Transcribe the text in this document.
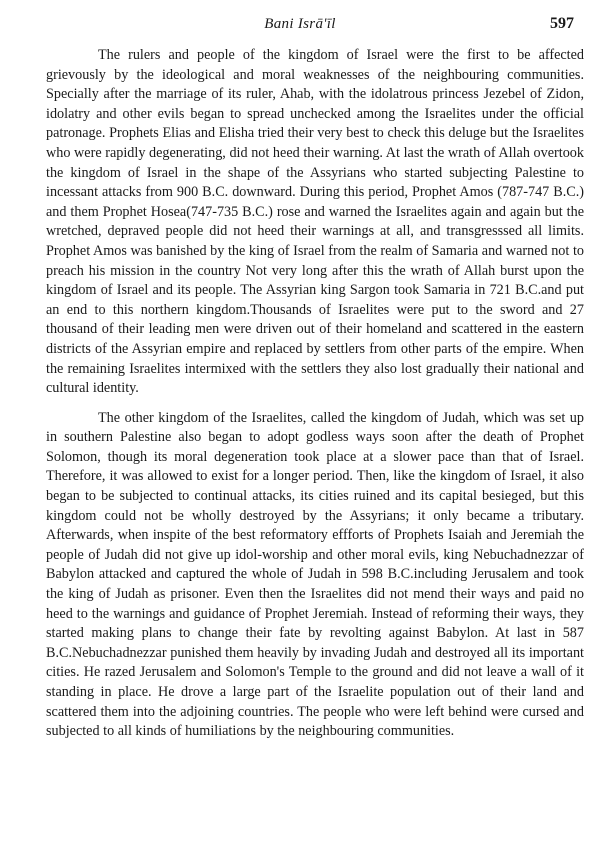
Bani Isrā'īl	597

The rulers and people of the kingdom of Israel were the first to be affected grievously by the ideological and moral weaknesses of the neighbouring communities. Specially after the marriage of its ruler, Ahab, with the idolatrous princess Jezebel of Zidon, idolatry and other evils began to spread unchecked among the Israelites under the official patronage. Prophets Elias and Elisha tried their very best to check this deluge but the Israelites who were rapidly degenerating, did not heed their warning. At last the wrath of Allah overtook the kingdom of Israel in the shape of the Assyrians who started subjecting Palestine to incessant attacks from 900 B.C. downward. During this period, Prophet Amos (787-747 B.C.) and them Prophet Hosea(747-735 B.C.) rose and warned the Israelites again and again but the wretched, depraved people did not heed their warnings at all, and transgresssed all limits. Prophet Amos was banished by the king of Israel from the realm of Samaria and warned not to preach his mission in the country Not very long after this the wrath of Allah burst upon the kingdom of Israel and its people. The Assyrian king Sargon took Samaria in 721 B.C.and put an end to this northern kingdom.Thousands of Israelites were put to the sword and 27 thousand of their leading men were driven out of their homeland and scattered in the eastern districts of the Assyrian empire and replaced by settlers from other parts of the empire. When the remaining Israelites intermixed with the settlers they also lost gradually their national and cultural identity.

The other kingdom of the Israelites, called the kingdom of Judah, which was set up in southern Palestine also began to adopt godless ways soon after the death of Prophet Solomon, though its moral degeneration took place at a slower pace than that of Israel. Therefore, it was allowed to exist for a longer period. Then, like the kingdom of Israel, it also began to be subjected to continual attacks, its cities ruined and its capital besieged, but this kingdom could not be wholly destroyed by the Assyrians; it only became a tributary. Afterwards, when inspite of the best reformatory effforts of Prophets Isaiah and Jeremiah the people of Judah did not give up idol-worship and other moral evils, king Nebuchadnezzar of Babylon attacked and captured the whole of Judah in 598 B.C.including Jerusalem and took the king of Judah as prisoner. Even then the Israelites did not mend their ways and paid no heed to the warnings and guidance of Prophet Jeremiah. Instead of reforming their ways, they started making plans to change their fate by revolting against Babylon. At last in 587 B.C.Nebuchadnezzar punished them heavily by invading Judah and destroyed all its important cities. He razed Jerusalem and Solomon's Temple to the ground and did not leave a wall of it standing in place. He drove a large part of the Israelite population out of their land and scattered them into the adjoining countries. The people who were left behind were cursed and subjected to all kinds of humiliations by the neighbouring communities.
